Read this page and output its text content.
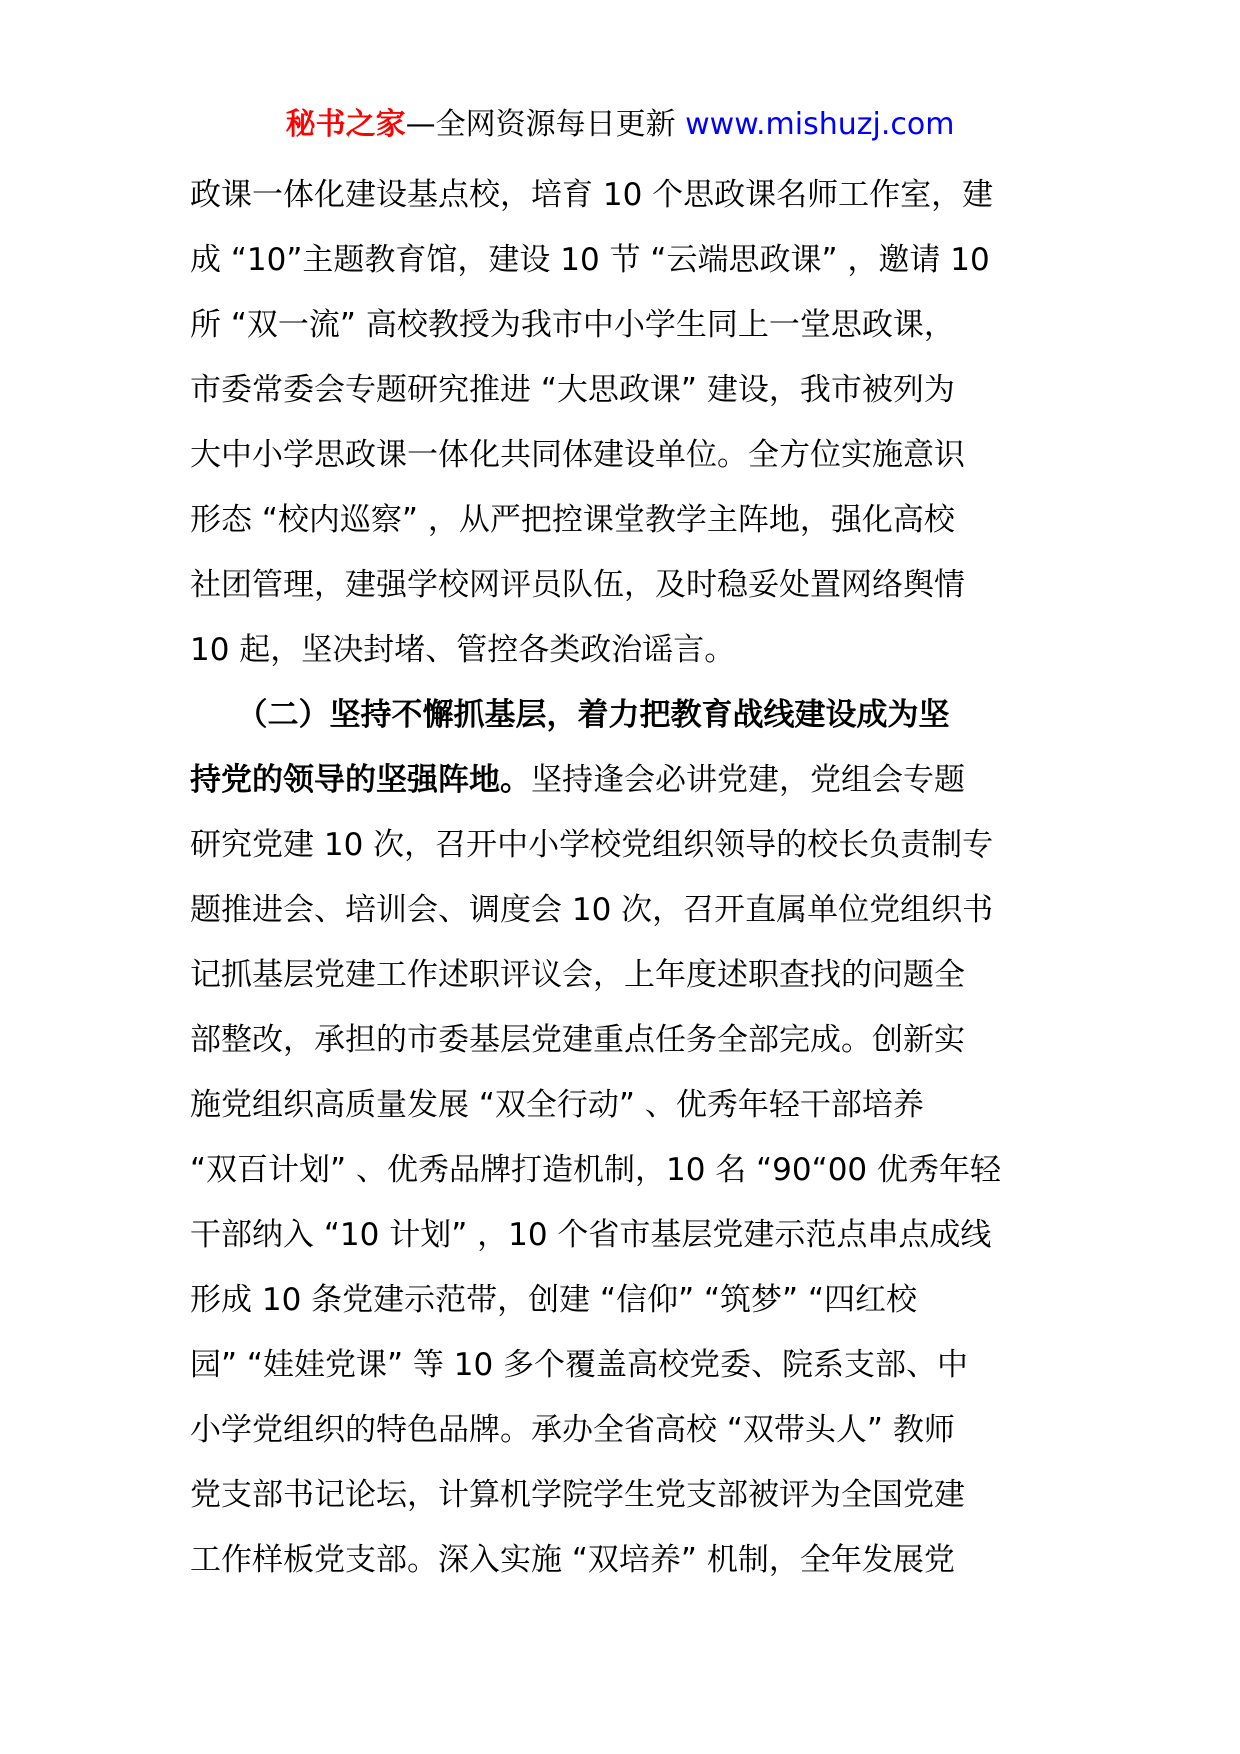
秘书之家—全网资源每日更新 www.mishuzj.com
政课一体化建设基点校，培育 10 个思政课名师工作室，建
成 “10”主题教育馆，建设 10 节 “云端思政课” ，邀请 10
所 “双一流” 高校教授为我市中小学生同上一堂思政课，
市委常委会专题研究推进 “大思政课” 建设，我市被列为
大中小学思政课一体化共同体建设单位。全方位实施意识
形态 “校内巡察” ，从严把控课堂教学主阵地，强化高校
社团管理，建强学校网评员队伍，及时稳妥处置网络舆情
10 起，坚决封堵、管控各类政治谣言。
　　（二）坚持不懈抓基层，着力把教育战线建设成为坚
持党的领导的坚强阵地。坚持逢会必讲党建，党组会专题
研究党建 10 次，召开中小学校党组织领导的校长负责制专
题推进会、培训会、调度会 10 次，召开直属单位党组织书
记抓基层党建工作述职评议会，上年度述职查找的问题全
部整改，承担的市委基层党建重点任务全部完成。创新实
施党组织高质量发展 “双全行动” 、优秀年轻干部培养
“双百计划” 、优秀品牌打造机制，10 名 “90“00 优秀年轻
干部纳入 “10 计划” ，10 个省市基层党建示范点串点成线
形成 10 条党建示范带，创建 “信仰” “筑梦” “四红校
园” “娃娃党课” 等 10 多个覆盖高校党委、院系支部、中
小学党组织的特色品牌。承办全省高校 “双带头人” 教师
党支部书记论坛，计算机学院学生党支部被评为全国党建
工作样板党支部。深入实施 “双培养” 机制，全年发展党
